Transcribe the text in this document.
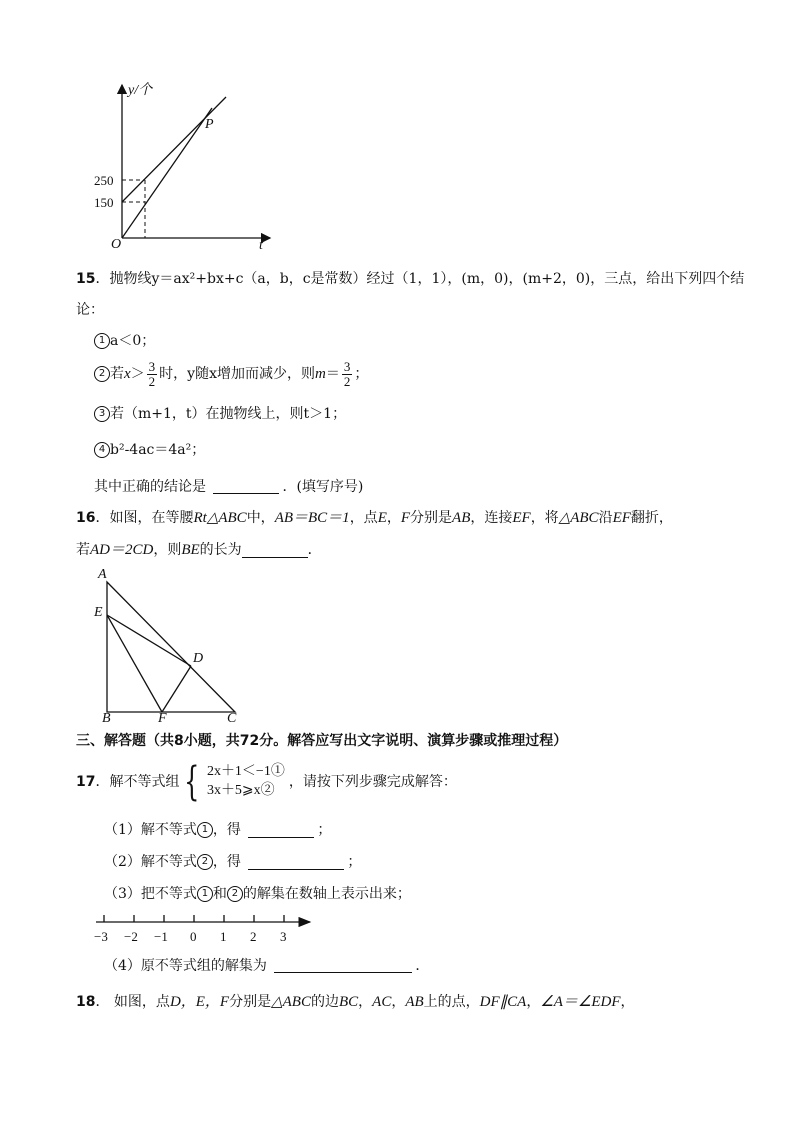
y/个
P
250
150
O	t
15．抛物线y＝ax²+bx+c（a，b，c是常数）经过（1，1），(m，0)，(m+2，0)，三点，给出下列四个结
论：
1 a＜0；
2 若$x> \frac{3}{2}$ 时，y随x增加而减少，则$m= \frac{3}{2}$ ；
3 若（m+1，t）在抛物线上，则t＞1；
4 b²-4ac＝4a²；
其中正确的结论是	．(填写序号)
16．如图，在等腰Rt△ABC中，AB＝BC＝1，点E，F分别是AB，连接EF，将△ABC沿EF翻折，
若AD＝2CD，则BE的长为	．
A
E
D
B	F	C
三、解答题（共8小题，共72分。解答应写出文字说明、演算步骤或推理过程）
17 ．解不等式组 { 2x＋1＜−1①
3x＋5⩾x②
，请按下列步骤完成解答：
（1）解不等式 1 ，得	；
（2）解不等式 2 ，得	；
（3）把不等式 1 和 2 的解集在数轴上表示出来；
−3 −2 −1 0 1 2 3
（4）原不等式组的解集为	．
18． 如图，点D，E，F分别是△ABC的边BC，AC，AB上的点，DF∥CA，∠A＝∠EDF，
